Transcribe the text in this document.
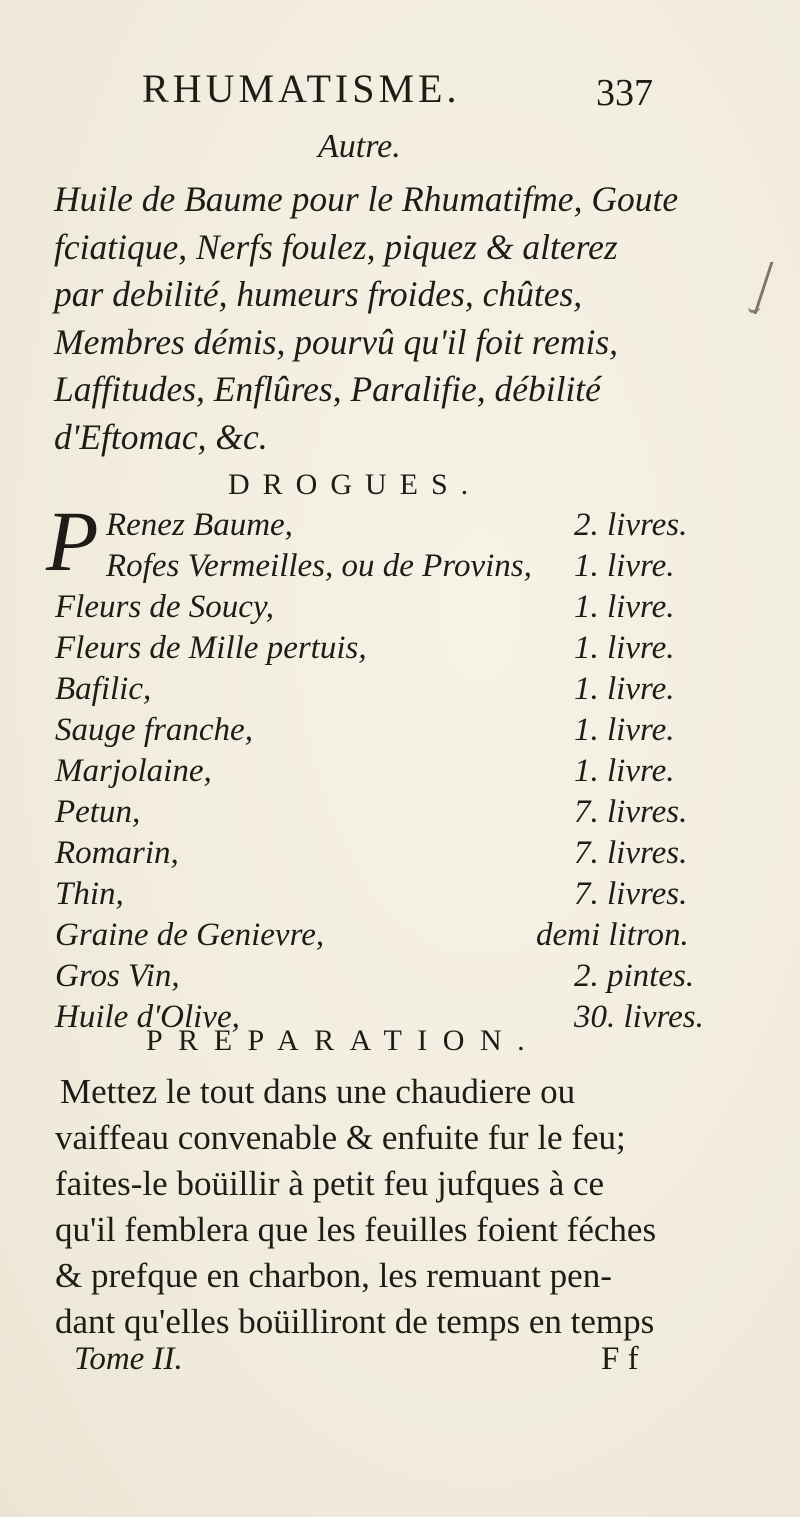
RHUMATISME.	337
Autre.
Huile de Baume pour le Rhumatifme, Goute
fciatique, Nerfs foulez, piquez & alterez
par debilité, humeurs froides, chûtes,
Membres démis, pourvû qu'il foit remis,
Laffitudes, Enflûres, Paralifie, débilité
d'Eftomac, &c.
DROGUES.
P Renez Baume,	2. livres.
Rofes Vermeilles, ou de Provins, 1. livre.
Fleurs de Soucy,	1. livre.
Fleurs de Mille pertuis,	1. livre.
Bafilic,	1. livre.
Sauge franche,	1. livre.
Marjolaine,	1. livre.
Petun,	7. livres.
Romarin,	7. livres.
Thin,	7. livres.
Graine de Genievre,	demi litron.
Gros Vin,	2. pintes.
Huile d'Olive,	30. livres.
PREPARATION.
Mettez le tout dans une chaudiere ou
vaiffeau convenable & enfuite fur le feu;
faites-le boüillir à petit feu jufques à ce
qu'il femblera que les feuilles foient féches
& prefque en charbon, les remuant pen-
dant qu'elles boüilliront de temps en temps
Tome II.	F f
